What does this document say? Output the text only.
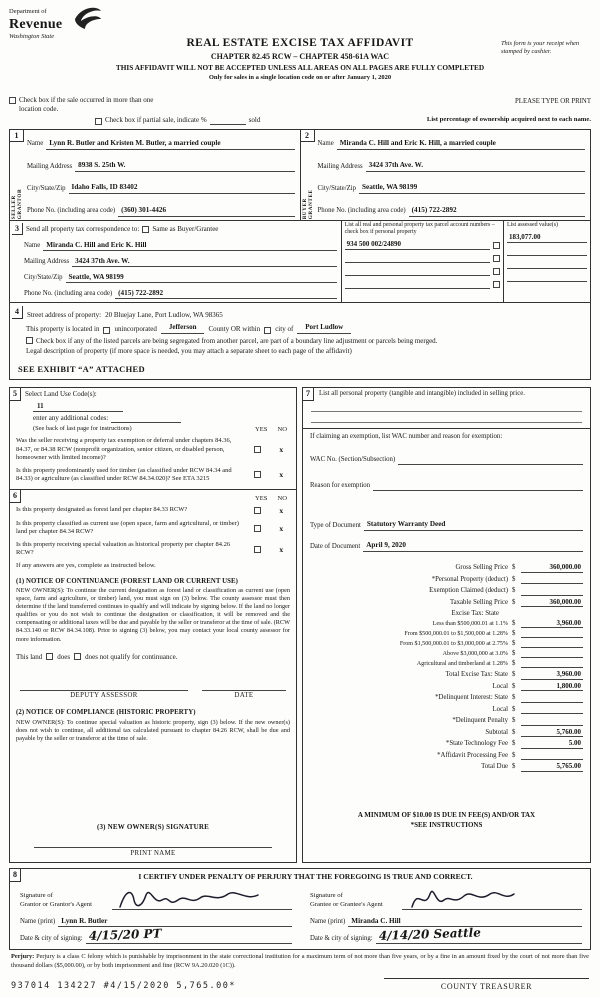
Department of
Revenue
Washington State
REAL ESTATE EXCISE TAX AFFIDAVIT
CHAPTER 82.45 RCW – CHAPTER 458-61A WAC
THIS AFFIDAVIT WILL NOT BE ACCEPTED UNLESS ALL AREAS ON ALL PAGES ARE FULLY COMPLETED
Only for sales in a single location code on or after January 1, 2020
This form is your receipt when stamped by cashier.
Check box if the sale occurred in more than one location code.
PLEASE TYPE OR PRINT
Check box if partial sale, indicate %	sold	List percentage of ownership acquired next to each name.
1
SELLER GRANTOR
Name Lynn R. Butler and Kristen M. Butler, a married couple
Mailing Address 8938 S. 25th W.
City/State/Zip Idaho Falls, ID 83402
Phone No. (including area code) (360) 301-4426
2
BUYER GRANTEE
Name Miranda C. Hill and Eric K. Hill, a married couple
Mailing Address 3424 37th Ave. W.
City/State/Zip Seattle, WA 98199
Phone No. (including area code) (415) 722-2892
3	Send all property tax correspondence to: Same as Buyer/Grantee
Name Miranda C. Hill and Eric K. Hill
Mailing Address 3424 37th Ave. W.
City/State/Zip Seattle, WA 98199
Phone No. (including area code) (415) 722-2892
List all real and personal property tax parcel account numbers – check box if personal property
934 500 002/24890
List assessed value(s)
183,077.00
4	Street address of property: 20 Bluejay Lane, Port Ludlow, WA 98365
This property is located in unincorporated	Jefferson	County OR within city of	Port Ludlow
Check box if any of the listed parcels are being segregated from another parcel, are part of a boundary line adjustment or parcels being merged.
Legal description of property (if more space is needed, you may attach a separate sheet to each page of the affidavit)
SEE EXHIBIT “A” ATTACHED
5	Select Land Use Code(s):
11
enter any additional codes:
(See back of last page for instructions)	YES NO
Was the seller receiving a property tax exemption or deferral under chapters 84.36, 84.37, or 84.38 RCW (nonprofit organization, senior citizen, or disabled person, homeowner with limited income)?
x
Is this property predominantly used for timber (as classified under RCW 84.34 and 84.33) or agriculture (as classified under RCW 84.34.020)? See ETA 3215	x
6	YES NO
Is this property designated as forest land per chapter 84.33 RCW?	x
Is this property classified as current use (open space, farm and agricultural, or timber) land per chapter 84.34 RCW?	x
Is this property receiving special valuation as historical property per chapter 84.26 RCW?	x
If any answers are yes, complete as instructed below.
(1) NOTICE OF CONTINUANCE (FOREST LAND OR CURRENT USE)
NEW OWNER(S): To continue the current designation as forest land or classification as current use (open space, farm and agriculture, or timber) land, you must sign on (3) below. The county assessor must then determine if the land transferred continues to qualify and will indicate by signing below. If the land no longer qualifies or you do not wish to continue the designation or classification, it will be removed and the compensating or additional taxes will be due and payable by the seller or transferor at the time of sale. (RCW 84.33.140 or RCW 84.34.108). Prior to signing (3) below, you may contact your local county assessor for more information.
This land does does not qualify for continuance.
DEPUTY ASSESSOR	DATE
(2) NOTICE OF COMPLIANCE (HISTORIC PROPERTY)
NEW OWNER(S): To continue special valuation as historic property, sign (3) below. If the new owner(s) does not wish to continue, all additional tax calculated pursuant to chapter 84.26 RCW, shall be due and payable by the seller or transferor at the time of sale.
(3) NEW OWNER(S) SIGNATURE
PRINT NAME
7	List all personal property (tangible and intangible) included in selling price.
If claiming an exemption, list WAC number and reason for exemption:
WAC No. (Section/Subsection)
Reason for exemption
Type of Document Statutory Warranty Deed
Date of Document April 9, 2020
Gross Selling Price $	360,000.00
*Personal Property (deduct) $
Exemption Claimed (deduct) $
Taxable Selling Price $	360,000.00
Excise Tax: State
Less than $500,000.01 at 1.1% $	3,960.00
From $500,000.01 to $1,500,000 at 1.28% $
From $1,500,000.01 to $3,000,000 at 2.75% $
Above $3,000,000 at 3.0% $
Agricultural and timberland at 1.28% $
Total Excise Tax: State $	3,960.00
Local $	1,800.00
*Delinquent Interest: State $
Local $
*Delinquent Penalty $
Subtotal $	5,760.00
*State Technology Fee $	5.00
*Affidavit Processing Fee $
Total Due $	5,765.00
A MINIMUM OF $10.00 IS DUE IN FEE(S) AND/OR TAX
*SEE INSTRUCTIONS
8	I CERTIFY UNDER PENALTY OF PERJURY THAT THE FOREGOING IS TRUE AND CORRECT.
Signature of
Grantor or Grantor's Agent
Name (print) Lynn R. Butler
Date & city of signing: 4/15/20 PT
Signature of
Grantee or Grantee's Agent
Name (print) Miranda C. Hill
Date & city of signing: 4/14/20 Seattle
Perjury: Perjury is a class C felony which is punishable by imprisonment in the state correctional institution for a maximum term of not more than five years, or by a fine in an amount fixed by the court of not more than five thousand dollars ($5,000.00), or by both imprisonment and fine (RCW 9A.20.020 (1C)).
937014 134227 #4/15/2020 5,765.00*	COUNTY TREASURER
